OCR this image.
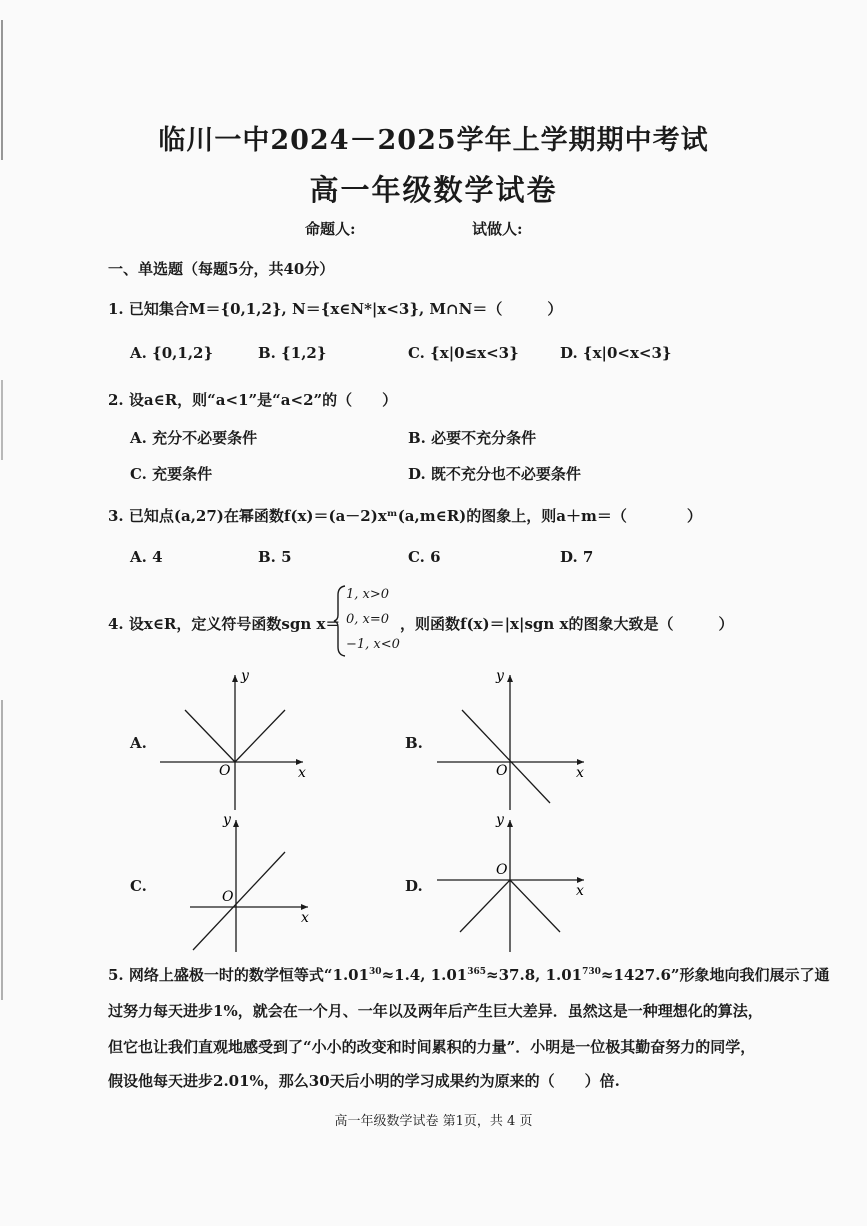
临川一中2024－2025学年上学期期中考试
高一年级数学试卷
命题人:	试做人:
一、单选题（每题5分，共40分）
1. 已知集合M＝{0,1,2}, N＝{x∈N*|x<3}, M∩N＝（　　　）
A. {0,1,2}	B. {1,2}	C. {x|0≤x<3}	D. {x|0<x<3}
2. 设a∈R，则“a<1”是“a<2”的（　　）
A. 充分不必要条件	B. 必要不充分条件
C. 充要条件	D. 既不充分也不必要条件
3. 已知点(a,27)在幂函数f(x)＝(a－2)xᵐ(a,m∈R)的图象上，则a＋m＝（　　　　）
A. 4	B. 5	C. 6	D. 7
4. 设x∈R，定义符号函数sgn x＝
1, x>0
0, x=0
−1, x<0
，则函数f(x)＝|x|sgn x的图象大致是（　　　）
A.
y
x
O
B.
y
x
O
C.
y
x
O
D.
y
x
O
5. 网络上盛极一时的数学恒等式“$1.01^{30}\approx 1.4$, $1.01^{365}\approx 37.8$, $1.01^{730}\approx 1427.6$”形象地向我们展示了通
过努力每天进步1%，就会在一个月、一年以及两年后产生巨大差异．虽然这是一种理想化的算法，
但它也让我们直观地感受到了“小小的改变和时间累积的力量”．小明是一位极其勤奋努力的同学，
假设他每天进步2.01%，那么30天后小明的学习成果约为原来的（　　）倍.
高一年级数学试卷 第1页，共 4 页
